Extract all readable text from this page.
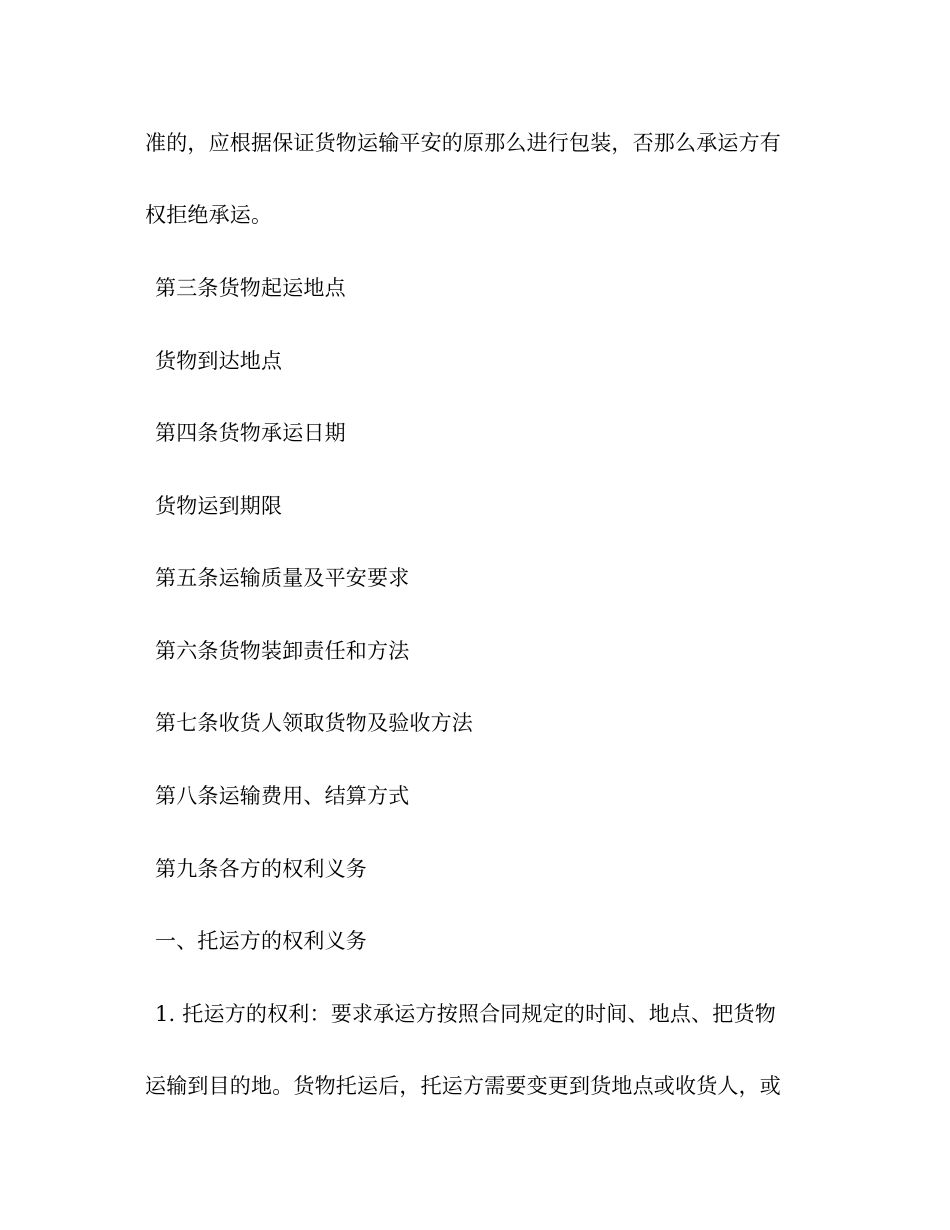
准的，应根据保证货物运输平安的原那么进行包装，否那么承运方有
权拒绝承运。
第三条货物起运地点
货物到达地点
第四条货物承运日期
货物运到期限
第五条运输质量及平安要求
第六条货物装卸责任和方法
第七条收货人领取货物及验收方法
第八条运输费用、结算方式
第九条各方的权利义务
一、托运方的权利义务
1. 托运方的权利：要求承运方按照合同规定的时间、地点、把货物
运输到目的地。货物托运后，托运方需要变更到货地点或收货人，或
